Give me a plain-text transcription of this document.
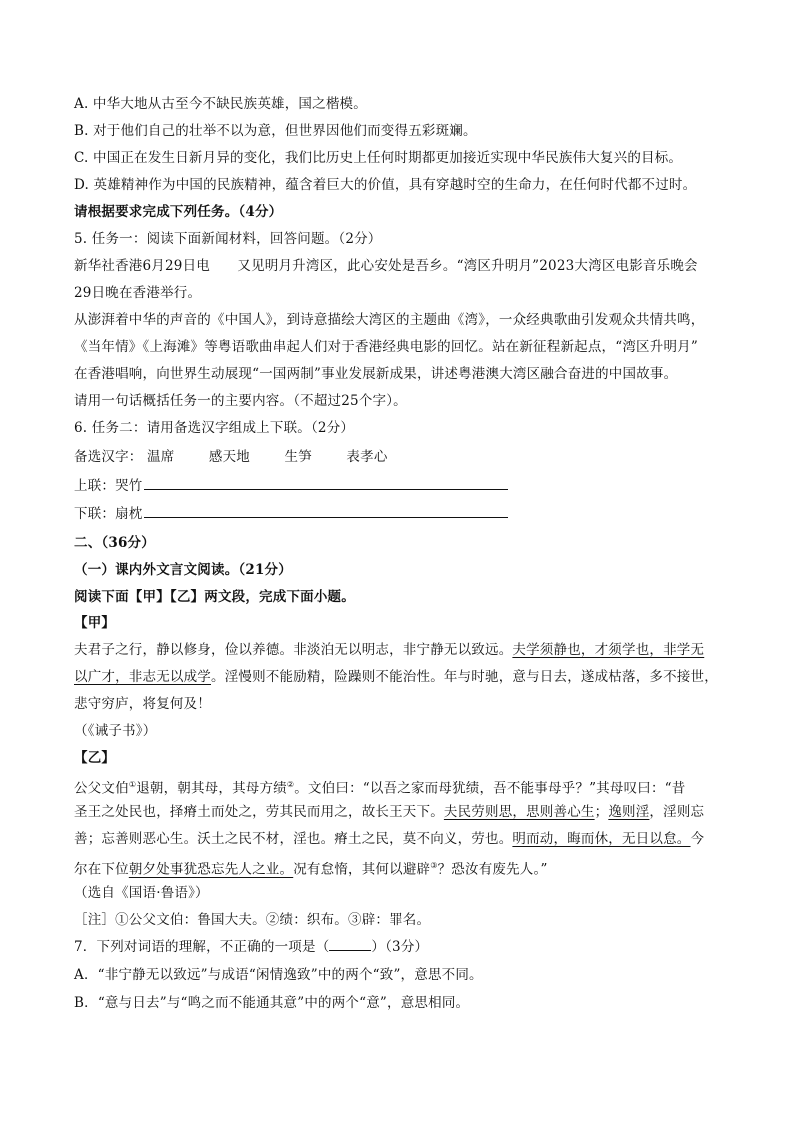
A. 中华大地从古至今不缺民族英雄，国之楷模。
B. 对于他们自己的壮举不以为意，但世界因他们而变得五彩斑斓。
C. 中国正在发生日新月异的变化，我们比历史上任何时期都更加接近实现中华民族伟大复兴的目标。
D. 英雄精神作为中国的民族精神，蕴含着巨大的价值，具有穿越时空的生命力，在任何时代都不过时。
请根据要求完成下列任务。（4分）
5. 任务一：阅读下面新闻材料，回答问题。（2分）
新华社香港6月29日电　　又见明月升湾区，此心安处是吾乡。“湾区升明月”2023大湾区电影音乐晚会
29日晚在香港举行。
从澎湃着中华的声音的《中国人》，到诗意描绘大湾区的主题曲《湾》，一众经典歌曲引发观众共情共鸣，
《当年情》《上海滩》等粤语歌曲串起人们对于香港经典电影的回忆。站在新征程新起点，“湾区升明月”
在香港唱响，向世界生动展现“一国两制”事业发展新成果，讲述粤港澳大湾区融合奋进的中国故事。
请用一句话概括任务一的主要内容。（不超过25个字）。
6. 任务二：请用备选汉字组成上下联。（2分）
备选汉字： 温席	感天地	生笋	表孝心
上联：哭竹
下联：扇枕
二、（36分）
（一）课内外文言文阅读。（21分）
阅读下面【甲】【乙】两文段，完成下面小题。
【甲】
夫君子之行，静以修身，俭以养德。非淡泊无以明志，非宁静无以致远。夫学须静也，才须学也，非学无
以广才，非志无以成学。淫慢则不能励精，险躁则不能治性。年与时驰，意与日去，遂成枯落，多不接世，
悲守穷庐，将复何及！
（《诫子书》）
【乙】
公父文伯①退朝，朝其母，其母方绩②。文伯曰：“以吾之家而母犹绩，吾不能事母乎？”其母叹曰：“昔
圣王之处民也，择瘠土而处之，劳其民而用之，故长王天下。夫民劳则思，思则善心生；逸则淫，淫则忘
善；忘善则恶心生。沃土之民不材，淫也。瘠土之民，莫不向义，劳也。明而动，晦而休，无日以怠。今
尔在下位朝夕处事犹恐忘先人之业。况有怠惰，其何以避辟③？恐汝有废先人。”
（选自《国语·鲁语》）
［注］①公父文伯：鲁国大夫。②绩：织布。③辟：罪名。
7．下列对词语的理解，不正确的一项是（	）（3分）
A．“非宁静无以致远”与成语“闲情逸致”中的两个“致”，意思不同。
B．“意与日去”与“鸣之而不能通其意”中的两个“意”，意思相同。
